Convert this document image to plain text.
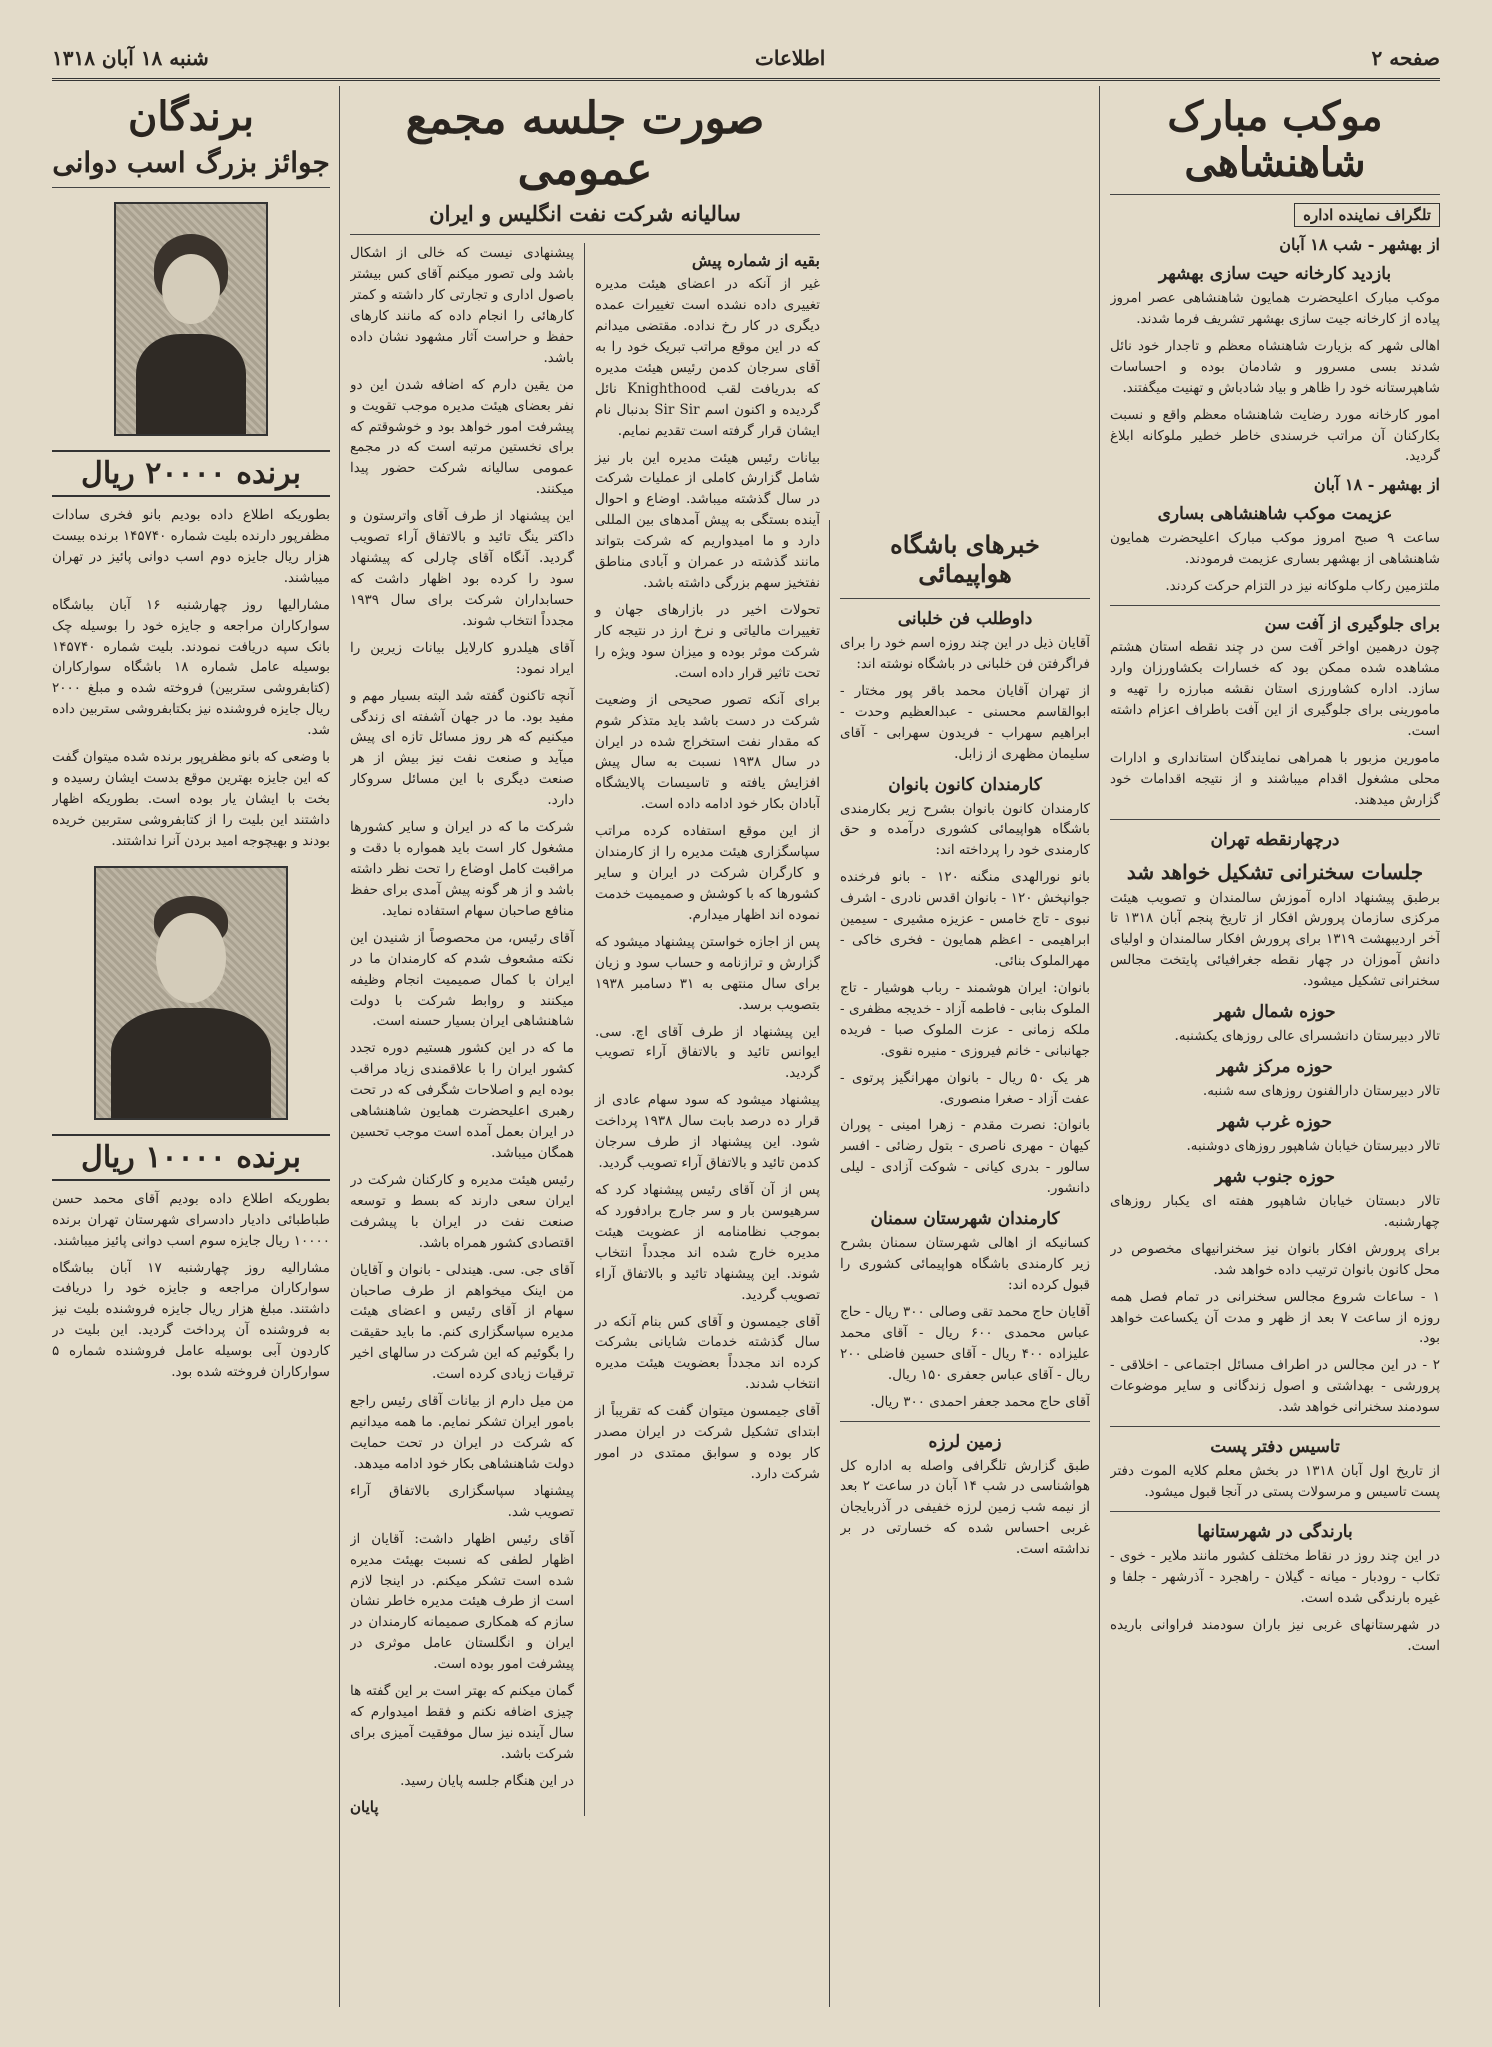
صفحه ۲
اطلاعات
شنبه ۱۸ آبان ۱۳۱۸
موکب مبارک شاهنشاهی
تلگراف نماینده اداره
از بهشهر - شب ۱۸ آبان
بازدید کارخانه حیت سازی بهشهر

موکب مبارک اعلیحضرت همایون شاهنشاهی عصر امروز پیاده از کارخانه جیت سازی بهشهر تشریف فرما شدند.

اهالی شهر که بزیارت شاهنشاه معظم و تاجدار خود نائل شدند بسی مسرور و شادمان بوده و احساسات شاهپرستانه خود را ظاهر و بیاد شادباش و تهنیت میگفتند.

امور کارخانه مورد رضایت شاهنشاه معظم واقع و نسبت بکارکنان آن مراتب خرسندی خاطر خطیر ملوکانه ابلاغ گردید.

از بهشهر - ۱۸ آبان
عزیمت موکب شاهنشاهی بساری

ساعت ۹ صبح امروز موکب مبارک اعلیحضرت همایون شاهنشاهی از بهشهر بساری عزیمت فرمودند.

ملتزمین رکاب ملوکانه نیز در التزام حرکت کردند.

برای جلوگیری از آفت سن

چون درهمین اواخر آفت سن در چند نقطه استان هشتم مشاهده شده ممکن بود که خسارات بکشاورزان وارد سازد. اداره کشاورزی استان نقشه مبارزه را تهیه و مامورینی برای جلوگیری از این آفت باطراف اعزام داشته است.

مامورین مزبور با همراهی نمایندگان استانداری و ادارات محلی مشغول اقدام میباشند و از نتیجه اقدامات خود گزارش میدهند.

درچهارنقطه تهران
جلسات سخنرانی تشکیل خواهد شد

برطبق پیشنهاد اداره آموزش سالمندان و تصویب هیئت مرکزی سازمان پرورش افکار از تاریخ پنجم آبان ۱۳۱۸ تا آخر اردیبهشت ۱۳۱۹ برای پرورش افکار سالمندان و اولیای دانش آموزان در چهار نقطه جغرافیائی پایتخت مجالس سخنرانی تشکیل میشود.

حوزه شمال شهر

تالار دبیرستان دانشسرای عالی روزهای یکشنبه.

حوزه مرکز شهر

تالار دبیرستان دارالفنون روزهای سه شنبه.

حوزه غرب شهر

تالار دبیرستان خیابان شاهپور روزهای دوشنبه.

حوزه جنوب شهر

تالار دبستان خیابان شاهپور هفته ای یکبار روزهای چهارشنبه.

برای پرورش افکار بانوان نیز سخنرانیهای مخصوص در محل کانون بانوان ترتیب داده خواهد شد.

۱ - ساعات شروع مجالس سخنرانی در تمام فصل همه روزه از ساعت ۷ بعد از ظهر و مدت آن یکساعت خواهد بود.

۲ - در این مجالس در اطراف مسائل اجتماعی - اخلاقی - پرورشی - بهداشتی و اصول زندگانی و سایر موضوعات سودمند سخنرانی خواهد شد.

تاسیس دفتر پست

از تاریخ اول آبان ۱۳۱۸ در بخش معلم کلایه الموت دفتر پست تاسیس و مرسولات پستی در آنجا قبول میشود.

بارندگی در شهرستانها

در این چند روز در نقاط مختلف کشور مانند ملایر - خوی - تکاب - رودبار - میانه - گیلان - راهجرد - آذرشهر - جلفا و غیره بارندگی شده است.

در شهرستانهای غربی نیز باران سودمند فراوانی باریده است.

خبرهای باشگاه هواپیمائی
داوطلب فن خلبانی

آقایان ذیل در این چند روزه اسم خود را برای فراگرفتن فن خلبانی در باشگاه نوشته اند:

از تهران آقایان محمد باقر پور مختار - ابوالقاسم محسنی - عبدالعظیم وحدت - ابراهیم سهراب - فریدون سهرابی - آقای سلیمان مظهری از زابل.

کارمندان کانون بانوان

کارمندان کانون بانوان بشرح زیر بکارمندی باشگاه هواپیمائی کشوری درآمده و حق کارمندی خود را پرداخته اند:

بانو نورالهدی منگنه ۱۲۰ - بانو فرخنده جوانپخش ۱۲۰ - بانوان اقدس نادری - اشرف نبوی - تاج خامس - عزیزه مشیری - سیمین ابراهیمی - اعظم همایون - فخری خاکی - مهرالملوک بنائی.

بانوان: ایران هوشمند - رباب هوشیار - تاج الملوک بنابی - فاطمه آزاد - خدیجه مظفری - ملکه زمانی - عزت الملوک صبا - فریده جهانبانی - خانم فیروزی - منیره نقوی.

هر یک ۵۰ ریال - بانوان مهرانگیز پرتوی - عفت آزاد - صغرا منصوری.

بانوان: نصرت مقدم - زهرا امینی - پوران کیهان - مهری ناصری - بتول رضائی - افسر سالور - بدری کیانی - شوکت آزادی - لیلی دانشور.

کارمندان شهرستان سمنان

کسانیکه از اهالی شهرستان سمنان بشرح زیر کارمندی باشگاه هواپیمائی کشوری را قبول کرده اند:

آقایان حاج محمد تقی وصالی ۳۰۰ ریال - حاج عباس محمدی ۶۰۰ ریال - آقای محمد علیزاده ۴۰۰ ریال - آقای حسین فاضلی ۲۰۰ ریال - آقای عباس جعفری ۱۵۰ ریال.

آقای حاج محمد جعفر احمدی ۳۰۰ ریال.

زمین لرزه

طبق گزارش تلگرافی واصله به اداره کل هواشناسی در شب ۱۴ آبان در ساعت ۲ بعد از نیمه شب زمین لرزه خفیفی در آذربایجان غربی احساس شده که خسارتی در بر نداشته است.

صورت جلسه مجمع عمومی
سالیانه شرکت نفت انگلیس و ایران
بقیه از شماره پیش

غیر از آنکه در اعضای هیئت مدیره تغییری داده نشده است تغییرات عمده دیگری در کار رخ نداده. مقتضی میدانم که در این موقع مراتب تبریک خود را به آقای سرجان کدمن رئیس هیئت مدیره که بدریافت لقب Knighthood نائل گردیده و اکنون اسم Sir Sir بدنبال نام ایشان قرار گرفته است تقدیم نمایم.

بیانات رئیس هیئت مدیره این بار نیز شامل گزارش کاملی از عملیات شرکت در سال گذشته میباشد. اوضاع و احوال آینده بستگی به پیش آمدهای بین المللی دارد و ما امیدواریم که شرکت بتواند مانند گذشته در عمران و آبادی مناطق نفتخیز سهم بزرگی داشته باشد.

تحولات اخیر در بازارهای جهان و تغییرات مالیاتی و نرخ ارز در نتیجه کار شرکت موثر بوده و میزان سود ویژه را تحت تاثیر قرار داده است.

برای آنکه تصور صحیحی از وضعیت شرکت در دست باشد باید متذکر شوم که مقدار نفت استخراج شده در ایران در سال ۱۹۳۸ نسبت به سال پیش افزایش یافته و تاسیسات پالایشگاه آبادان بکار خود ادامه داده است.

از این موقع استفاده کرده مراتب سپاسگزاری هیئت مدیره را از کارمندان و کارگران شرکت در ایران و سایر کشورها که با کوشش و صمیمیت خدمت نموده اند اظهار میدارم.

پس از اجازه خواستن پیشنهاد میشود که گزارش و ترازنامه و حساب سود و زیان برای سال منتهی به ۳۱ دسامبر ۱۹۳۸ بتصویب برسد.

این پیشنهاد از طرف آقای اچ. سی. ایوانس تائید و بالاتفاق آراء تصویب گردید.

پیشنهاد میشود که سود سهام عادی از قرار ده درصد بابت سال ۱۹۳۸ پرداخت شود. این پیشنهاد از طرف سرجان کدمن تائید و بالاتفاق آراء تصویب گردید.

پس از آن آقای رئیس پیشنهاد کرد که سرهیوسن بار و سر جارج برادفورد که بموجب نظامنامه از عضویت هیئت مدیره خارج شده اند مجدداً انتخاب شوند. این پیشنهاد تائید و بالاتفاق آراء تصویب گردید.

آقای جیمسون و آقای کس بنام آنکه در سال گذشته خدمات شایانی بشرکت کرده اند مجدداً بعضویت هیئت مدیره انتخاب شدند.

آقای جیمسون میتوان گفت که تقریباً از ابتدای تشکیل شرکت در ایران مصدر کار بوده و سوابق ممتدی در امور شرکت دارد.

پیشنهادی نیست که خالی از اشکال باشد ولی تصور میکنم آقای کس بیشتر باصول اداری و تجارتی کار داشته و کمتر کارهائی را انجام داده که مانند کارهای حفظ و حراست آثار مشهود نشان داده باشد.

من یقین دارم که اضافه شدن این دو نفر بعضای هیئت مدیره موجب تقویت و پیشرفت امور خواهد بود و خوشوقتم که برای نخستین مرتبه است که در مجمع عمومی سالیانه شرکت حضور پیدا میکنند.

این پیشنهاد از طرف آقای واترستون و داکتر ینگ تائید و بالاتفاق آراء تصویب گردید. آنگاه آقای چارلی که پیشنهاد سود را کرده بود اظهار داشت که حسابداران شرکت برای سال ۱۹۳۹ مجدداً انتخاب شوند.

آقای هیلدرو کارلایل بیانات زیرین را ایراد نمود:

آنچه تاکنون گفته شد البته بسیار مهم و مفید بود. ما در جهان آشفته ای زندگی میکنیم که هر روز مسائل تازه ای پیش میآید و صنعت نفت نیز بیش از هر صنعت دیگری با این مسائل سروکار دارد.

شرکت ما که در ایران و سایر کشورها مشغول کار است باید همواره با دقت و مراقبت کامل اوضاع را تحت نظر داشته باشد و از هر گونه پیش آمدی برای حفظ منافع صاحبان سهام استفاده نماید.

آقای رئیس، من محصوصاً از شنیدن این نکته مشعوف شدم که کارمندان ما در ایران با کمال صمیمیت انجام وظیفه میکنند و روابط شرکت با دولت شاهنشاهی ایران بسیار حسنه است.

ما که در این کشور هستیم دوره تجدد کشور ایران را با علاقمندی زیاد مراقب بوده ایم و اصلاحات شگرفی که در تحت رهبری اعلیحضرت همایون شاهنشاهی در ایران بعمل آمده است موجب تحسین همگان میباشد.

رئیس هیئت مدیره و کارکنان شرکت در ایران سعی دارند که بسط و توسعه صنعت نفت در ایران با پیشرفت اقتصادی کشور همراه باشد.

آقای جی. سی. هیندلی - بانوان و آقایان من اینک میخواهم از طرف صاحبان سهام از آقای رئیس و اعضای هیئت مدیره سپاسگزاری کنم. ما باید حقیقت را بگوئیم که این شرکت در سالهای اخیر ترقیات زیادی کرده است.

من میل دارم از بیانات آقای رئیس راجع بامور ایران تشکر نمایم. ما همه میدانیم که شرکت در ایران در تحت حمایت دولت شاهنشاهی بکار خود ادامه میدهد.

پیشنهاد سپاسگزاری بالاتفاق آراء تصویب شد.

آقای رئیس اظهار داشت: آقایان از اظهار لطفی که نسبت بهیئت مدیره شده است تشکر میکنم. در اینجا لازم است از طرف هیئت مدیره خاطر نشان سازم که همکاری صمیمانه کارمندان در ایران و انگلستان عامل موثری در پیشرفت امور بوده است.

گمان میکنم که بهتر است بر این گفته ها چیزی اضافه نکنم و فقط امیدوارم که سال آینده نیز سال موفقیت آمیزی برای شرکت باشد.

در این هنگام جلسه پایان رسید.

پایان
برندگان
جوائز بزرگ اسب دوانی
برنده ۲۰۰۰۰ ریال

بطوریکه اطلاع داده بودیم بانو فخری سادات مظفرپور دارنده بلیت شماره ۱۴۵۷۴۰ برنده بیست هزار ریال جایزه دوم اسب دوانی پائیز در تهران میباشند.

مشارالیها روز چهارشنبه ۱۶ آبان بباشگاه سوارکاران مراجعه و جایزه خود را بوسیله چک بانک سپه دریافت نمودند. بلیت شماره ۱۴۵۷۴۰ بوسیله عامل شماره ۱۸ باشگاه سوارکاران (کتابفروشی ستربین) فروخته شده و مبلغ ۲۰۰۰ ریال جایزه فروشنده نیز بکتابفروشی ستربین داده شد.

با وضعی که بانو مظفرپور برنده شده میتوان گفت که این جایزه بهترین موقع بدست ایشان رسیده و بخت با ایشان یار بوده است. بطوریکه اظهار داشتند این بلیت را از کتابفروشی ستربین خریده بودند و بهیچوجه امید بردن آنرا نداشتند.

برنده ۱۰۰۰۰ ریال

بطوریکه اطلاع داده بودیم آقای محمد حسن طباطبائی دادیار دادسرای شهرستان تهران برنده ۱۰۰۰۰ ریال جایزه سوم اسب دوانی پائیز میباشند.

مشارالیه روز چهارشنبه ۱۷ آبان بباشگاه سوارکاران مراجعه و جایزه خود را دریافت داشتند. مبلغ هزار ریال جایزه فروشنده بلیت نیز به فروشنده آن پرداخت گردید. این بلیت در کاردون آبی بوسیله عامل فروشنده شماره ۵ سوارکاران فروخته شده بود.
